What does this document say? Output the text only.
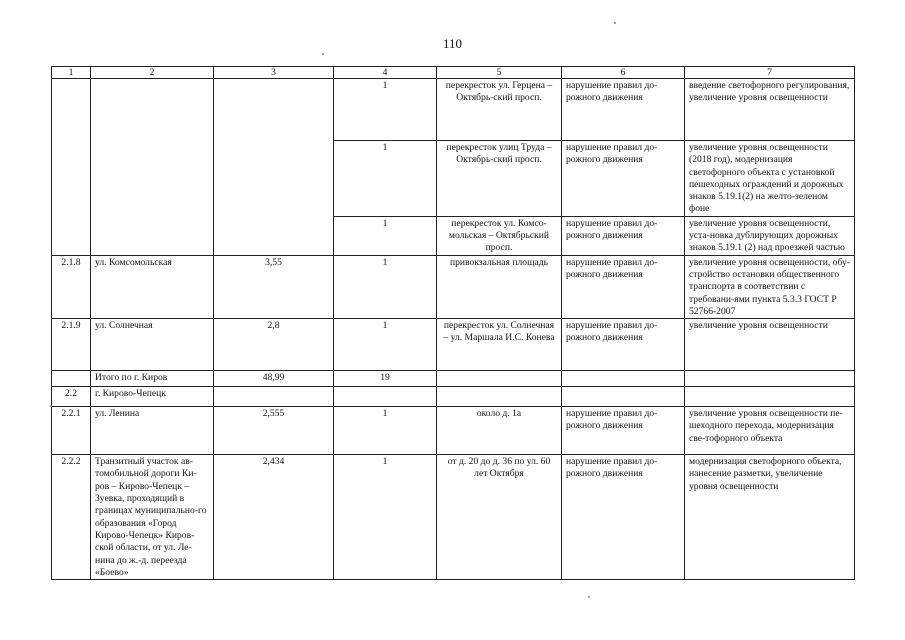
110
1	2	3	4	5	6	7
			1	перекресток ул. Герцена – Октябрь-ский просп.	нарушение правил до-рожного движения	введение светофорного регулирования, увеличение уровня освещенности
			1	перекресток улиц Труда – Октябрь-ский просп.	нарушение правил до-рожного движения	увеличение уровня освещенности (2018 год), модернизация светофорного объекта с установкой пешеходных ограждений и дорожных знаков 5.19.1(2) на желто-зеленом фоне
			1	перекресток ул. Комсо-мольская – Октябрьский просп.	нарушение правил до-рожного движения	увеличение уровня освещенности, уста-новка дублирующих дорожных знаков 5.19.1 (2) над проезжей частью
2.1.8	ул. Комсомольская	3,55	1	привокзальная площадь	нарушение правил до-рожного движения	увеличение уровня освещенности, обу-стройство остановки общественного транспорта в соответствии с требовани-ями пункта 5.3.3 ГОСТ Р 52766-2007
2.1.9	ул. Солнечная	2,8	1	перекресток ул. Солнечная – ул. Маршала И.С. Конева	нарушение правил до-рожного движения	увеличение уровня освещенности
	Итого по г. Киров	48,99	19			
2.2	г. Кирово-Чепецк					
2.2.1	ул. Ленина	2,555	1	около д. 1а	нарушение правил до-рожного движения	увеличение уровня освещенности пе-шеходного перехода, модернизация све-тофорного объекта
2.2.2	Транзитный участок ав-томобильной дороги Ки-ров – Кирово-Чепецк – Зуевка, проходящий в границах муниципально-го образования «Город Кирово-Чепецк» Киров-ской области, от ул. Ле-нина до ж.-д. переезда «Боево»	2,434	1	от д. 20 до д. 36 по ул. 60 лет Октября	нарушение правил до-рожного движения	модернизация светофорного объекта, нанесение разметки, увеличение уровня освещенности
